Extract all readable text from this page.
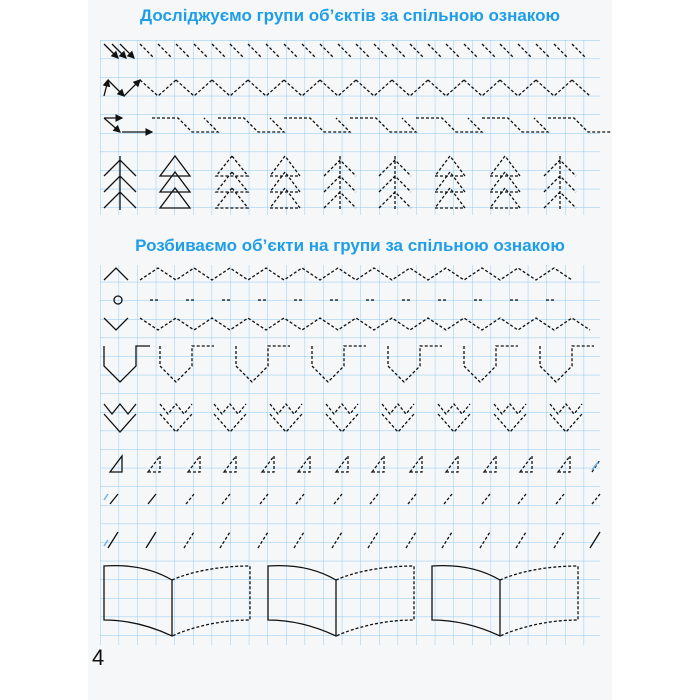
Досліджуємо групи об’єктів за спільною ознакою
Розбиваємо об’єкти на групи за спільною ознакою
4
